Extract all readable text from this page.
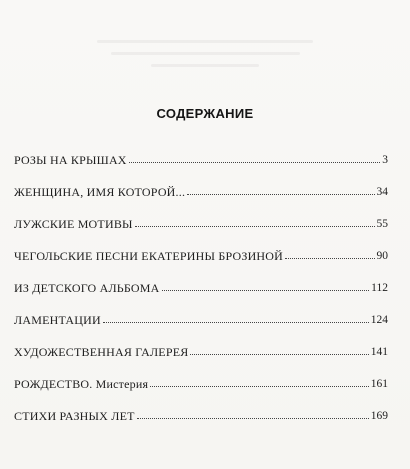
СОДЕРЖАНИЕ
РОЗЫ НА КРЫШАХ	3
ЖЕНЩИНА, ИМЯ КОТОРОЙ...	34
ЛУЖСКИЕ МОТИВЫ	55
ЧЕГОЛЬСКИЕ ПЕСНИ ЕКАТЕРИНЫ БРОЗИНОЙ	90
ИЗ ДЕТСКОГО АЛЬБОМА	112
ЛАМЕНТАЦИИ	124
ХУДОЖЕСТВЕННАЯ ГАЛЕРЕЯ	141
РОЖДЕСТВО. Мистерия	161
СТИХИ РАЗНЫХ ЛЕТ	169
